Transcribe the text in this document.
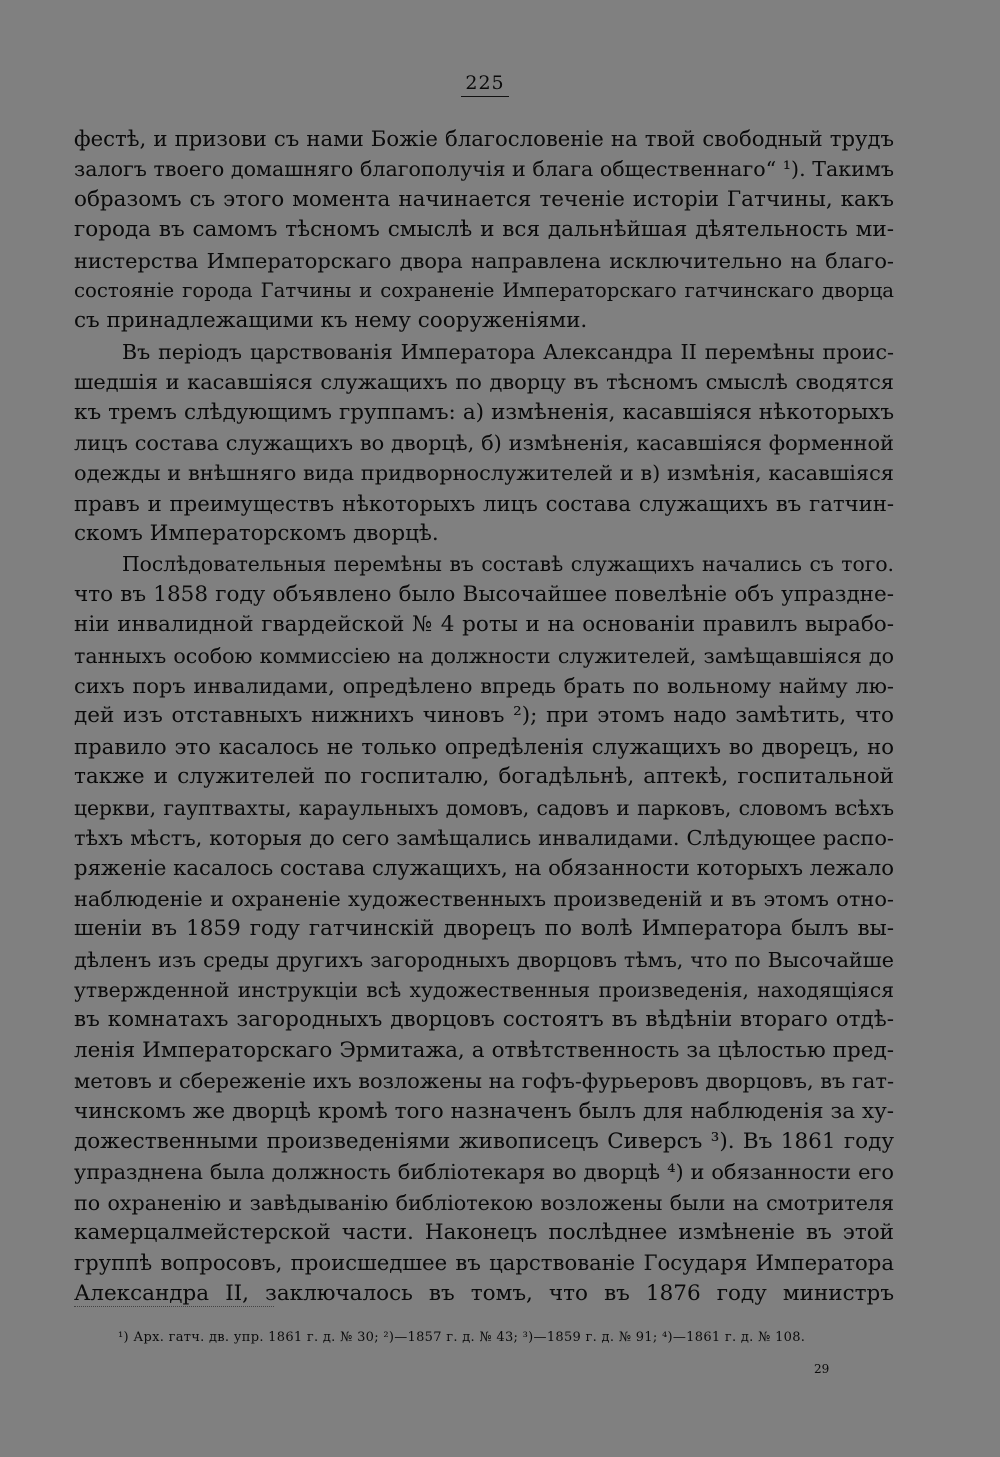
225
фестѣ, и призови съ нами Божіе благословеніе на твой свободный трудъ
залогъ твоего домашняго благополучія и блага общественнаго“ ¹). Такимъ
образомъ съ этого момента начинается теченіе исторіи Гатчины, какъ
города въ самомъ тѣсномъ смыслѣ и вся дальнѣйшая дѣятельность ми-
нистерства Императорскаго двора направлена исключительно на благо-
состояніе города Гатчины и сохраненіе Императорскаго гатчинскаго дворца
съ принадлежащими къ нему сооруженіями.
Въ періодъ царствованія Императора Александра II перемѣны проис-
шедшія и касавшіяся служащихъ по дворцу въ тѣсномъ смыслѣ сводятся
къ тремъ слѣдующимъ группамъ: а) измѣненія, касавшіяся нѣкоторыхъ
лицъ состава служащихъ во дворцѣ, б) измѣненія, касавшіяся форменной
одежды и внѣшняго вида придворнослужителей и в) измѣнія, касавшіяся
правъ и преимуществъ нѣкоторыхъ лицъ состава служащихъ въ гатчин-
скомъ Императорскомъ дворцѣ.
Послѣдовательныя перемѣны въ составѣ служащихъ начались съ того.
что въ 1858 году объявлено было Высочайшее повелѣніе объ упраздне-
ніи инвалидной гвардейской № 4 роты и на основаніи правилъ вырабо-
танныхъ особою коммиссіею на должности служителей, замѣщавшіяся до
сихъ поръ инвалидами, опредѣлено впредь брать по вольному найму лю-
дей изъ отставныхъ нижнихъ чиновъ ²); при этомъ надо замѣтить, что
правило это касалось не только опредѣленія служащихъ во дворецъ, но
также и служителей по госпиталю, богадѣльнѣ, аптекѣ, госпитальной
церкви, гауптвахты, караульныхъ домовъ, садовъ и парковъ, словомъ всѣхъ
тѣхъ мѣстъ, которыя до сего замѣщались инвалидами. Слѣдующее распо-
ряженіе касалось состава служащихъ, на обязанности которыхъ лежало
наблюденіе и охраненіе художественныхъ произведеній и въ этомъ отно-
шеніи въ 1859 году гатчинскій дворецъ по волѣ Императора былъ вы-
дѣленъ изъ среды другихъ загородныхъ дворцовъ тѣмъ, что по Высочайше
утвержденной инструкціи всѣ художественныя произведенія, находящіяся
въ комнатахъ загородныхъ дворцовъ состоятъ въ вѣдѣніи втораго отдѣ-
ленія Императорскаго Эрмитажа, а отвѣтственность за цѣлостью пред-
метовъ и сбереженіе ихъ возложены на гофъ-фурьеровъ дворцовъ, въ гат-
чинскомъ же дворцѣ кромѣ того назначенъ былъ для наблюденія за ху-
дожественными произведеніями живописецъ Сиверсъ ³). Въ 1861 году
упразднена была должность библіотекаря во дворцѣ ⁴) и обязанности его
по охраненію и завѣдыванію библіотекою возложены были на смотрителя
камерцалмейстерской части. Наконецъ послѣднее измѣненіе въ этой
группѣ вопросовъ, происшедшее въ царствованіе Государя Императора
Александра II, заключалось въ томъ, что въ 1876 году министръ
¹) Арх. гатч. дв. упр. 1861 г. д. № 30; ²)—1857 г. д. № 43; ³)—1859 г. д. № 91; ⁴)—1861 г. д. № 108.
29
